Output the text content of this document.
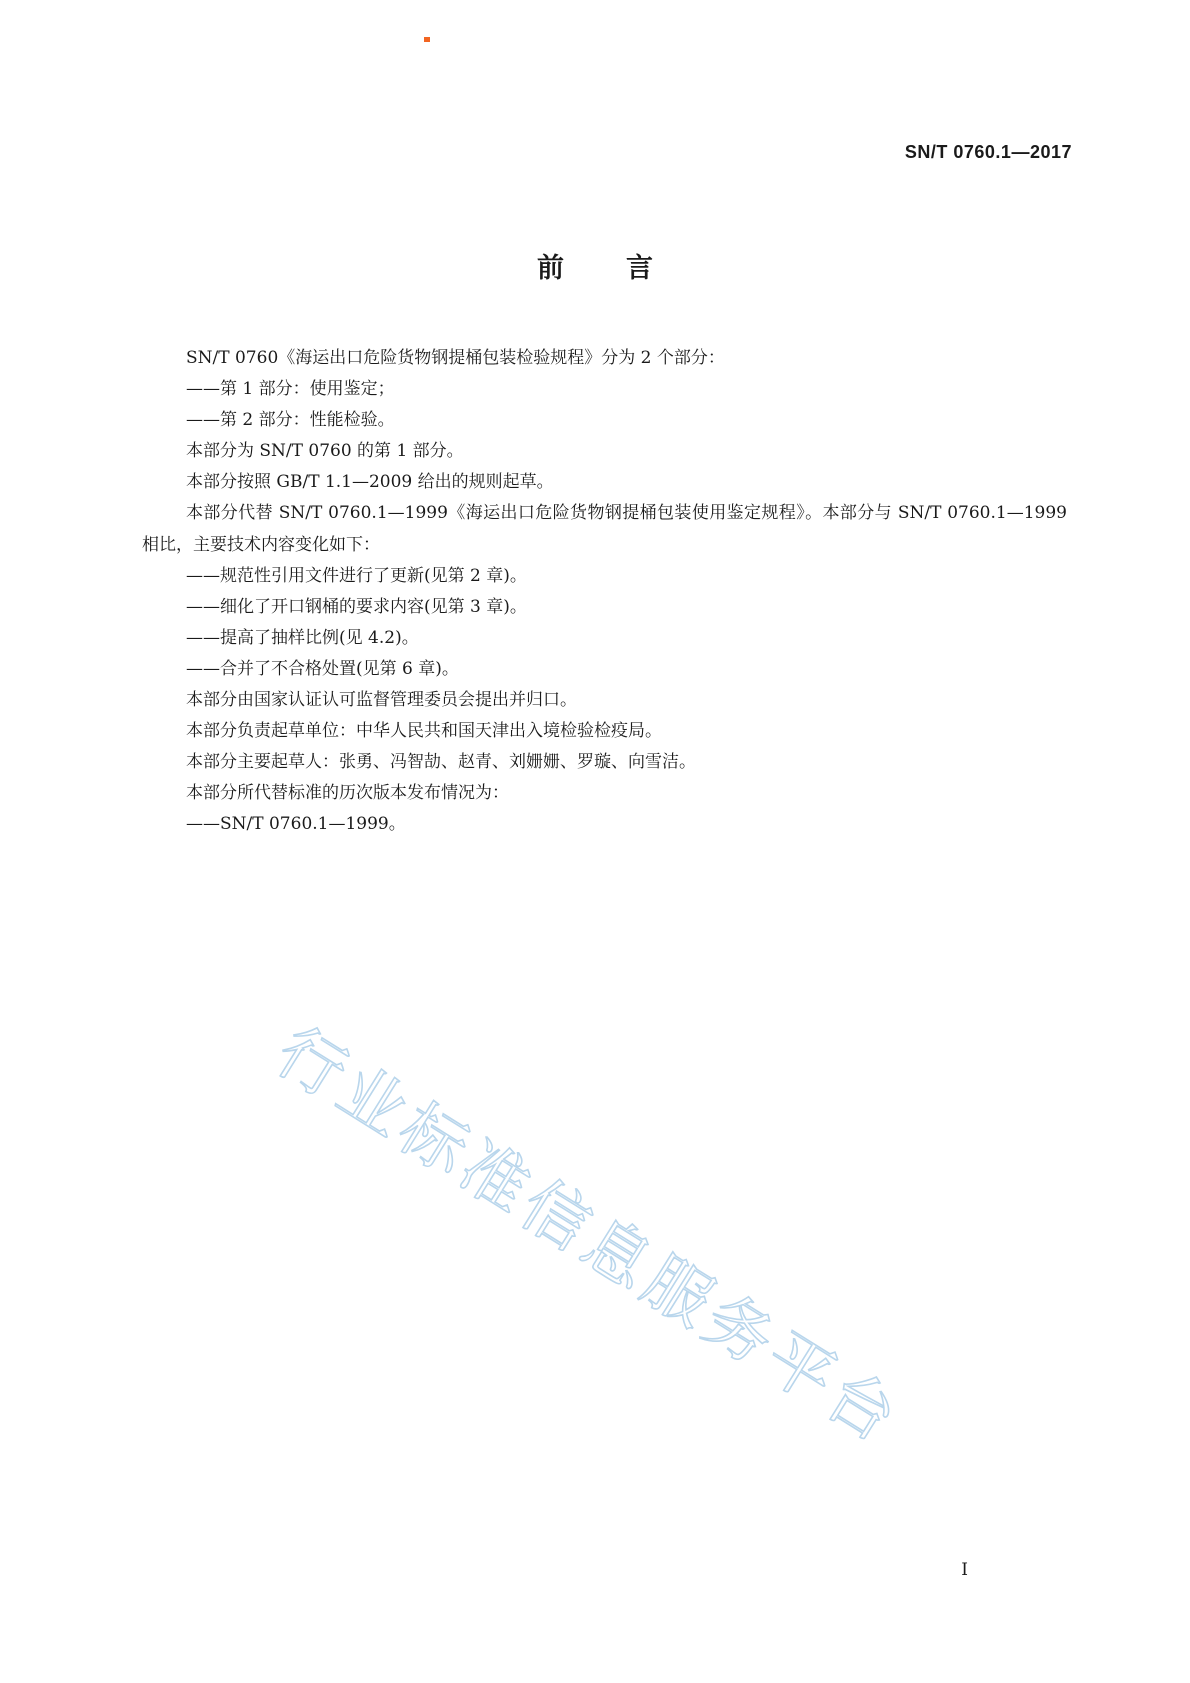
SN/T 0760.1—2017
前言

SN/T 0760《海运出口危险货物钢提桶包装检验规程》分为 2 个部分：

——第 1 部分：使用鉴定；

——第 2 部分：性能检验。

本部分为 SN/T 0760 的第 1 部分。

本部分按照 GB/T 1.1—2009 给出的规则起草。

本部分代替 SN/T 0760.1—1999《海运出口危险货物钢提桶包装使用鉴定规程》。本部分与 SN/T 0760.1—1999 相比，主要技术内容变化如下：

——规范性引用文件进行了更新(见第 2 章)。

——细化了开口钢桶的要求内容(见第 3 章)。

——提高了抽样比例(见 4.2)。

——合并了不合格处置(见第 6 章)。

本部分由国家认证认可监督管理委员会提出并归口。

本部分负责起草单位：中华人民共和国天津出入境检验检疫局。

本部分主要起草人：张勇、冯智劼、赵青、刘姗姗、罗璇、向雪洁。

本部分所代替标准的历次版本发布情况为：

——SN/T 0760.1—1999。

行业标准信息服务平台
I
